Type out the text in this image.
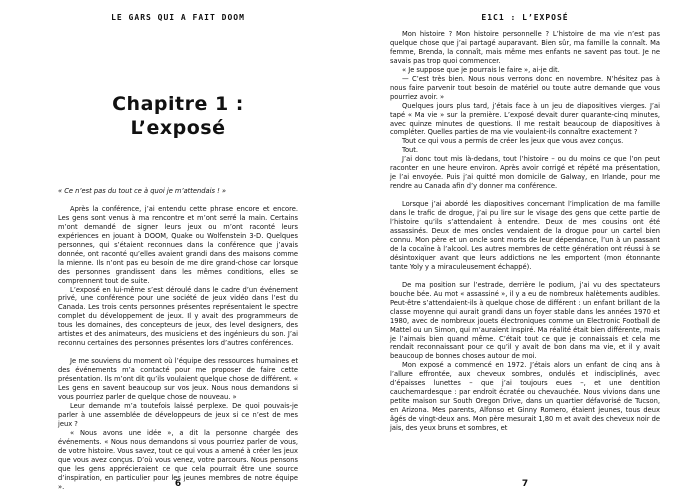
LE GARS QUI A FAIT DOOM
Chapitre 1 :
L’exposé

« Ce n’est pas du tout ce à quoi je m’attendais ! »

Après la conférence, j’ai entendu cette phrase encore et encore. Les gens sont venus à ma rencontre et m’ont serré la main. Certains m’ont demandé de signer leurs jeux ou m’ont raconté leurs expériences en jouant à DOOM, Quake ou Wolfenstein 3-D. Quelques personnes, qui s’étaient reconnues dans la conférence que j’avais donnée, ont raconté qu’elles avaient grandi dans des maisons comme la mienne. Ils n’ont pas eu besoin de me dire grand-chose car lorsque des personnes grandissent dans les mêmes conditions, elles se comprennent tout de suite.

L’exposé en lui-même s’est déroulé dans le cadre d’un événement privé, une conférence pour une société de jeux vidéo dans l’est du Canada. Les trois cents personnes présentes représentaient le spectre complet du développement de jeux. Il y avait des programmeurs de tous les domaines, des concepteurs de jeux, des level designers, des artistes et des animateurs, des musiciens et des ingénieurs du son. J’ai reconnu certaines des personnes présentes lors d’autres conférences.

Je me souviens du moment où l’équipe des ressources humaines et des événements m’a contacté pour me proposer de faire cette présentation. Ils m’ont dit qu’ils voulaient quelque chose de différent. « Les gens en savent beaucoup sur vos jeux. Nous nous demandons si vous pourriez parler de quelque chose de nouveau. »

Leur demande m’a toutefois laissé perplexe. De quoi pouvais-je parler à une assemblée de développeurs de jeux si ce n’est de mes jeux ?

« Nous avons une idée », a dit la personne chargée des événements. « Nous nous demandons si vous pourriez parler de vous, de votre histoire. Vous savez, tout ce qui vous a amené à créer les jeux que vous avez conçus. D’où vous venez, votre parcours. Nous pensons que les gens apprécieraient ce que cela pourrait être une source d’inspiration, en particulier pour les jeunes membres de notre équipe ».	6
E1C1 : L’EXPOSÉ

Mon histoire ? Mon histoire personnelle ? L’histoire de ma vie n’est pas quelque chose que j’ai partagé auparavant. Bien sûr, ma famille la connaît. Ma femme, Brenda, la connaît, mais même mes enfants ne savent pas tout. Je ne savais pas trop quoi commencer.

« Je suppose que je pourrais le faire », ai-je dit.

— C’est très bien. Nous nous verrons donc en novembre. N’hésitez pas à nous faire parvenir tout besoin de matériel ou toute autre demande que vous pourriez avoir. »

Quelques jours plus tard, j’étais face à un jeu de diapositives vierges. J’ai tapé « Ma vie » sur la première. L’exposé devait durer quarante-cinq minutes, avec quinze minutes de questions. Il me restait beaucoup de diapositives à compléter. Quelles parties de ma vie voulaient-ils connaître exactement ?

Tout ce qui vous a permis de créer les jeux que vous avez conçus.

Tout.

J’ai donc tout mis là-dedans, tout l’histoire – ou du moins ce que l’on peut raconter en une heure environ. Après avoir corrigé et répété ma présentation, je l’ai envoyée. Puis j’ai quitté mon domicile de Galway, en Irlande, pour me rendre au Canada afin d’y donner ma conférence.

Lorsque j’ai abordé les diapositives concernant l’implication de ma famille dans le trafic de drogue, j’ai pu lire sur le visage des gens que cette partie de l’histoire qu’ils s’attendaient à entendre. Deux de mes cousins ont été assassinés. Deux de mes oncles vendaient de la drogue pour un cartel bien connu. Mon père et un oncle sont morts de leur dépendance, l’un à un passant de la cocaïne à l’alcool. Les autres membres de cette génération ont réussi à se désintoxiquer avant que leurs addictions ne les emportent (mon étonnante tante Yoly y a miraculeusement échappé).

De ma position sur l’estrade, derrière le podium, j’ai vu des spectateurs bouche bée. Au mot « assassiné », il y a eu de nombreux halètements audibles. Peut-être s’attendaient-ils à quelque chose de différent : un enfant brillant de la classe moyenne qui aurait grandi dans un foyer stable dans les années 1970 et 1980, avec de nombreux jouets électroniques comme un Electronic Football de Mattel ou un Simon, qui m’auraient inspiré. Ma réalité était bien différente, mais je l’aimais bien quand même. C’était tout ce que je connaissais et cela me rendait reconnaissant pour ce qu’il y avait de bon dans ma vie, et il y avait beaucoup de bonnes choses autour de moi.

Mon exposé a commencé en 1972. J’étais alors un enfant de cinq ans à l’allure effrontée, aux cheveux sombres, ondulés et indisciplinés, avec d’épaisses lunettes – que j’ai toujours eues –, et une dentition cauchemardesque : par endroit écratée ou chevauchée. Nous vivions dans une petite maison sur South Oregon Drive, dans un quartier défavorisé de Tucson, en Arizona. Mes parents, Alfonso et Ginny Romero, étaient jeunes, tous deux âgés de vingt-deux ans. Mon père mesurait 1,80 m et avait des cheveux noir de jais, des yeux bruns et sombres, et

7
